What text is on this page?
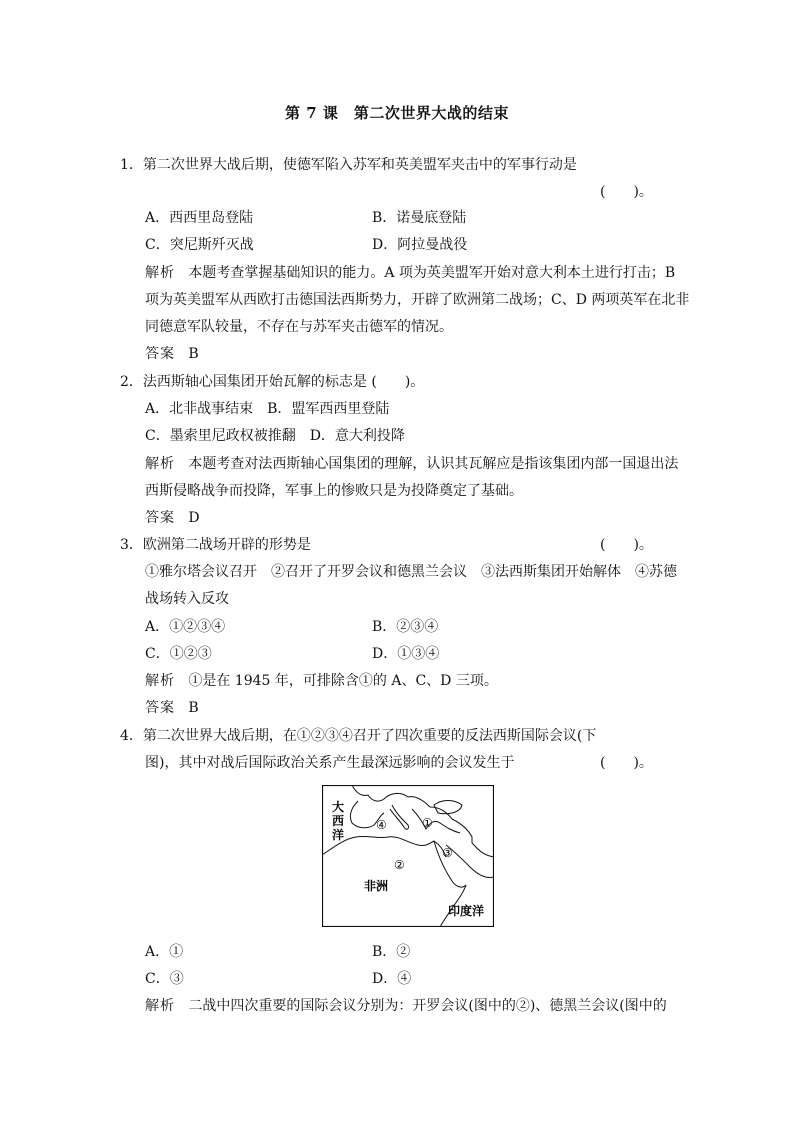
第 7 课　第二次世界大战的结束
1．第二次世界大战后期，使德军陷入苏军和英美盟军夹击中的军事行动是
(　　)。
A．西西里岛登陆	B．诺曼底登陆
C．突尼斯歼灭战	D．阿拉曼战役
解析 本题考查掌握基础知识的能力。A 项为英美盟军开始对意大利本土进行打击；B
项为英美盟军从西欧打击德国法西斯势力，开辟了欧洲第二战场；C、D 两项英军在北非
同德意军队较量，不存在与苏军夹击德军的情况。
答案 B
2．法西斯轴心国集团开始瓦解的标志是 (　　)。
A．北非战事结束　B．盟军西西里登陆
C．墨索里尼政权被推翻　D．意大利投降
解析 本题考查对法西斯轴心国集团的理解，认识其瓦解应是指该集团内部一国退出法
西斯侵略战争而投降，军事上的惨败只是为投降奠定了基础。
答案 D
3．欧洲第二战场开辟的形势是	(　　)。
①雅尔塔会议召开　②召开了开罗会议和德黑兰会议　③法西斯集团开始解体　④苏德
战场转入反攻
A．①②③④	B．②③④
C．①②③	D．①③④
解析 ①是在 1945 年，可排除含①的 A、C、D 三项。
答案 B
4．第二次世界大战后期，在①②③④召开了四次重要的反法西斯国际会议(下
图)，其中对战后国际政治关系产生最深远影响的会议发生于	(　　)。
大
西
洋
非洲
印度洋
①
②
③
④
A．①	B．②
C．③	D．④
解析 二战中四次重要的国际会议分别为：开罗会议(图中的②)、德黑兰会议(图中的
